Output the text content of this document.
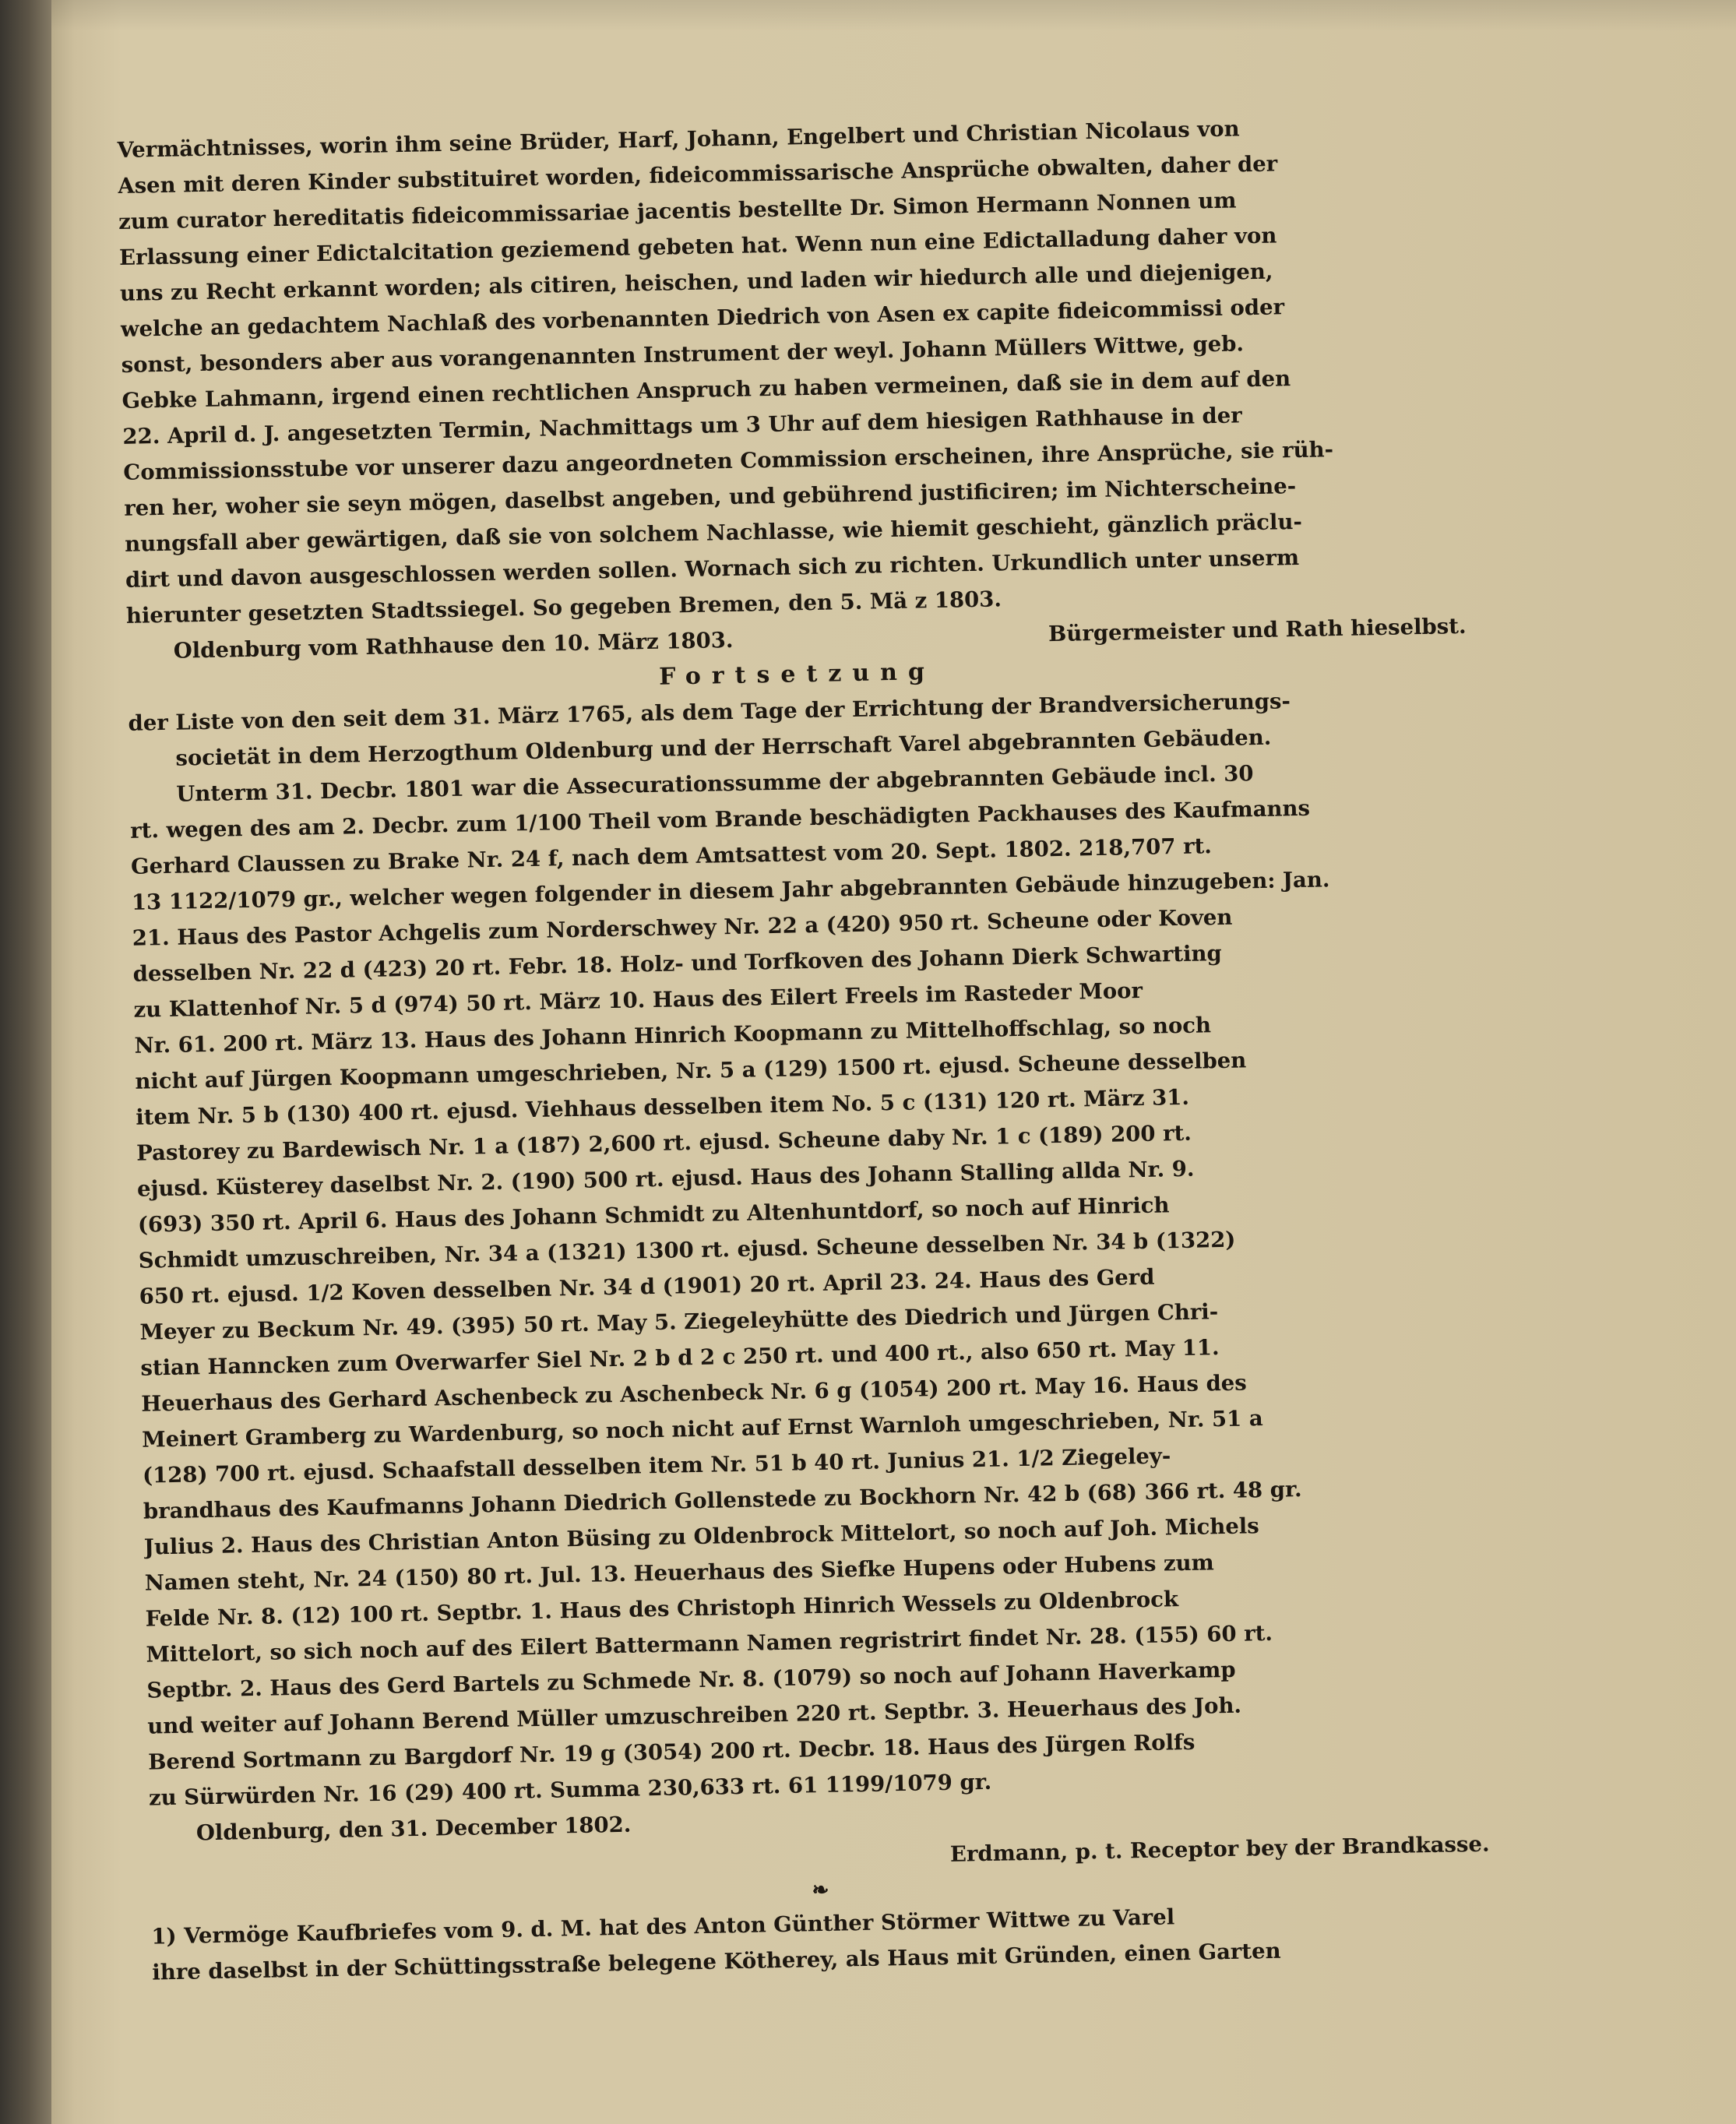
Vermächtnisses, worin ihm seine Brüder, Harf, Johann, Engelbert und Christian Nicolaus von
Asen mit deren Kinder substituiret worden, fideicommissarische Ansprüche obwalten, daher der
zum curator hereditatis fideicommissariae jacentis bestellte Dr. Simon Hermann Nonnen um
Erlassung einer Edictalcitation geziemend gebeten hat. Wenn nun eine Edictalladung daher von
uns zu Recht erkannt worden; als citiren, heischen, und laden wir hiedurch alle und diejenigen,
welche an gedachtem Nachlaß des vorbenannten Diedrich von Asen ex capite fideicommissi oder
sonst, besonders aber aus vorangenannten Instrument der weyl. Johann Müllers Wittwe, geb.
Gebke Lahmann, irgend einen rechtlichen Anspruch zu haben vermeinen, daß sie in dem auf den
22. April d. J. angesetzten Termin, Nachmittags um 3 Uhr auf dem hiesigen Rathhause in der
Commissionsstube vor unserer dazu angeordneten Commission erscheinen, ihre Ansprüche, sie rüh-
ren her, woher sie seyn mögen, daselbst angeben, und gebührend justificiren; im Nichterscheine-
nungsfall aber gewärtigen, daß sie von solchem Nachlasse, wie hiemit geschieht, gänzlich präclu-
dirt und davon ausgeschlossen werden sollen. Wornach sich zu richten. Urkundlich unter unserm
hierunter gesetzten Stadtssiegel. So gegeben Bremen, den 5. Mä z 1803.
Oldenburg vom Rathhause den 10. März 1803.	Bürgermeister und Rath hieselbst.
Fortsetzung
der Liste von den seit dem 31. März 1765, als dem Tage der Errichtung der Brandversicherungs-
societät in dem Herzogthum Oldenburg und der Herrschaft Varel abgebrannten Gebäuden.
Unterm 31. Decbr. 1801 war die Assecurationssumme der abgebrannten Gebäude incl. 30
rt. wegen des am 2. Decbr. zum 1/100 Theil vom Brande beschädigten Packhauses des Kaufmanns
Gerhard Claussen zu Brake Nr. 24 f, nach dem Amtsattest vom 20. Sept. 1802. 218,707 rt.
13 1122/1079 gr., welcher wegen folgender in diesem Jahr abgebrannten Gebäude hinzugeben: Jan.
21. Haus des Pastor Achgelis zum Norderschwey Nr. 22 a (420) 950 rt. Scheune oder Koven
desselben Nr. 22 d (423) 20 rt. Febr. 18. Holz- und Torfkoven des Johann Dierk Schwarting
zu Klattenhof Nr. 5 d (974) 50 rt. März 10. Haus des Eilert Freels im Rasteder Moor
Nr. 61. 200 rt. März 13. Haus des Johann Hinrich Koopmann zu Mittelhoffschlag, so noch
nicht auf Jürgen Koopmann umgeschrieben, Nr. 5 a (129) 1500 rt. ejusd. Scheune desselben
item Nr. 5 b (130) 400 rt. ejusd. Viehhaus desselben item No. 5 c (131) 120 rt. März 31.
Pastorey zu Bardewisch Nr. 1 a (187) 2,600 rt. ejusd. Scheune daby Nr. 1 c (189) 200 rt.
ejusd. Küsterey daselbst Nr. 2. (190) 500 rt. ejusd. Haus des Johann Stalling allda Nr. 9.
(693) 350 rt. April 6. Haus des Johann Schmidt zu Altenhuntdorf, so noch auf Hinrich
Schmidt umzuschreiben, Nr. 34 a (1321) 1300 rt. ejusd. Scheune desselben Nr. 34 b (1322)
650 rt. ejusd. 1/2 Koven desselben Nr. 34 d (1901) 20 rt. April 23. 24. Haus des Gerd
Meyer zu Beckum Nr. 49. (395) 50 rt. May 5. Ziegeleyhütte des Diedrich und Jürgen Chri-
stian Hanncken zum Overwarfer Siel Nr. 2 b d 2 c 250 rt. und 400 rt., also 650 rt. May 11.
Heuerhaus des Gerhard Aschenbeck zu Aschenbeck Nr. 6 g (1054) 200 rt. May 16. Haus des
Meinert Gramberg zu Wardenburg, so noch nicht auf Ernst Warnloh umgeschrieben, Nr. 51 a
(128) 700 rt. ejusd. Schaafstall desselben item Nr. 51 b 40 rt. Junius 21. 1/2 Ziegeley-
brandhaus des Kaufmanns Johann Diedrich Gollenstede zu Bockhorn Nr. 42 b (68) 366 rt. 48 gr.
Julius 2. Haus des Christian Anton Büsing zu Oldenbrock Mittelort, so noch auf Joh. Michels
Namen steht, Nr. 24 (150) 80 rt. Jul. 13. Heuerhaus des Siefke Hupens oder Hubens zum
Felde Nr. 8. (12) 100 rt. Septbr. 1. Haus des Christoph Hinrich Wessels zu Oldenbrock
Mittelort, so sich noch auf des Eilert Battermann Namen regristrirt findet Nr. 28. (155) 60 rt.
Septbr. 2. Haus des Gerd Bartels zu Schmede Nr. 8. (1079) so noch auf Johann Haverkamp
und weiter auf Johann Berend Müller umzuschreiben 220 rt. Septbr. 3. Heuerhaus des Joh.
Berend Sortmann zu Bargdorf Nr. 19 g (3054) 200 rt. Decbr. 18. Haus des Jürgen Rolfs
zu Sürwürden Nr. 16 (29) 400 rt. Summa 230,633 rt. 61 1199/1079 gr.
Oldenburg, den 31. December 1802.
Erdmann, p. t. Receptor bey der Brandkasse.
❧
1) Vermöge Kaufbriefes vom 9. d. M. hat des Anton Günther Störmer Wittwe zu Varel
ihre daselbst in der Schüttingsstraße belegene Kötherey, als Haus mit Gründen, einen Garten
